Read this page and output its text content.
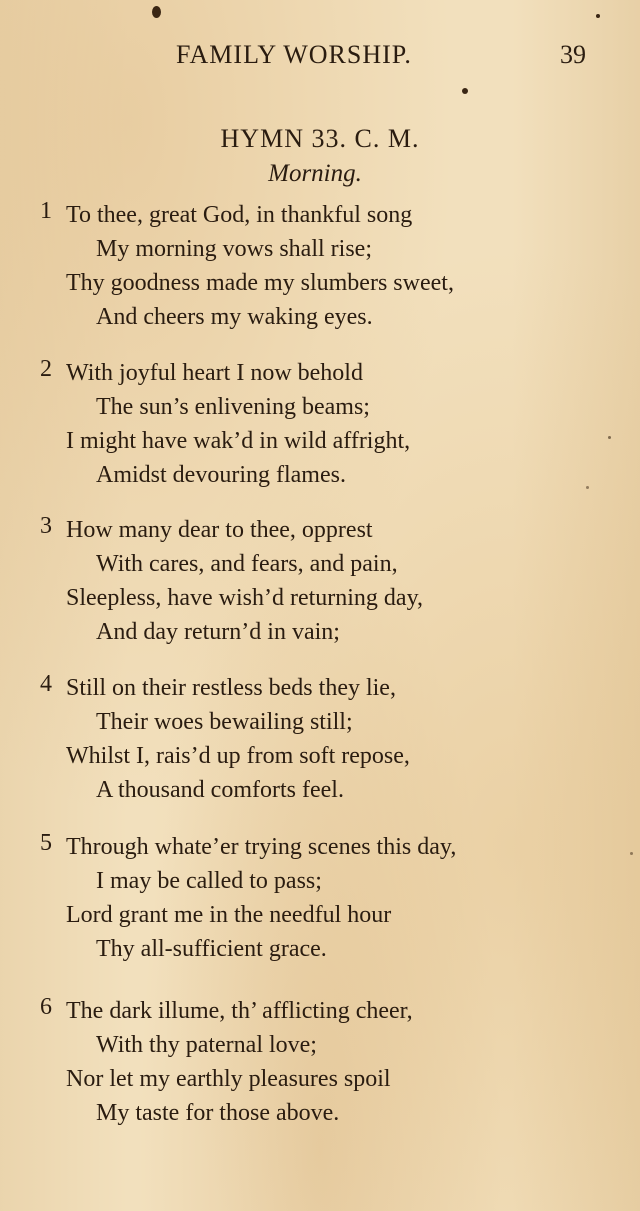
FAMILY WORSHIP.	39
HYMN 33. C. M.
Morning.
1 To thee, great God, in thankful song
My morning vows shall rise;
Thy goodness made my slumbers sweet,
And cheers my waking eyes.
2 With joyful heart I now behold
The sun’s enlivening beams;
I might have wak’d in wild affright,
Amidst devouring flames.
3 How many dear to thee, opprest
With cares, and fears, and pain,
Sleepless, have wish’d returning day,
And day return’d in vain;
4 Still on their restless beds they lie,
Their woes bewailing still;
Whilst I, rais’d up from soft repose,
A thousand comforts feel.
5 Through whate’er trying scenes this day,
I may be called to pass;
Lord grant me in the needful hour
Thy all-sufficient grace.
6 The dark illume, th’ afflicting cheer,
With thy paternal love;
Nor let my earthly pleasures spoil
My taste for those above.
